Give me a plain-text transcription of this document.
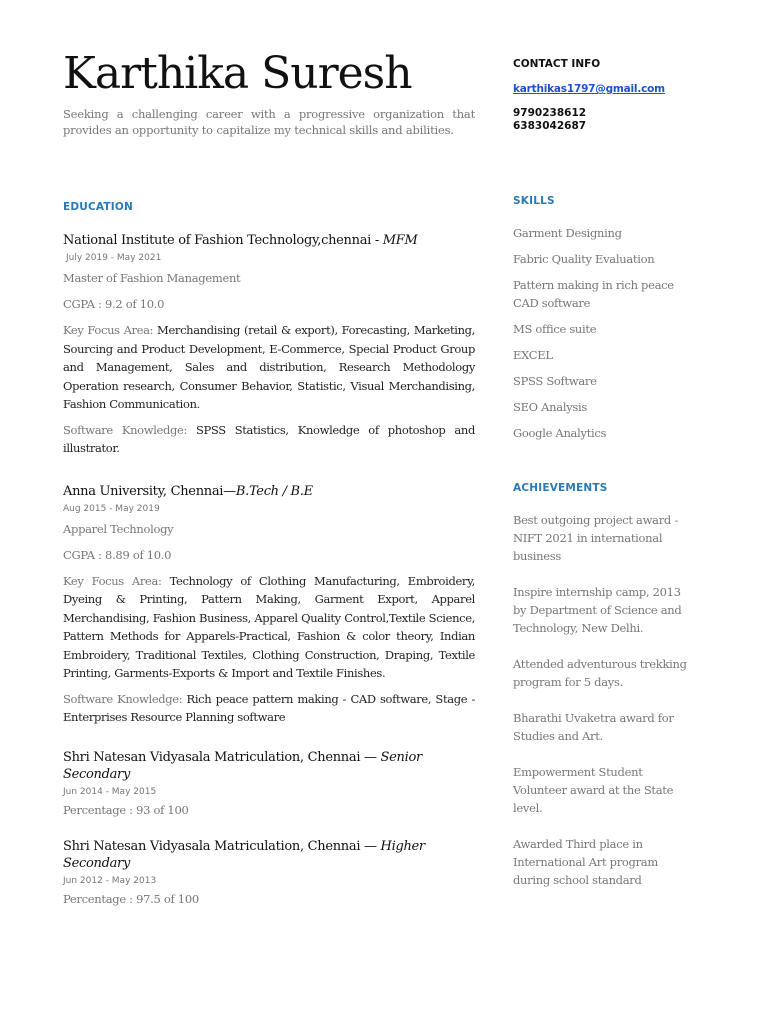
Karthika Suresh
Seeking a challenging career with a progressive organization that provides an opportunity to capitalize my technical skills and abilities.
EDUCATION
National Institute of Fashion Technology,chennai - MFM
July 2019 - May 2021
Master of Fashion Management
CGPA : 9.2 of 10.0
Key Focus Area: Merchandising (retail & export), Forecasting, Marketing, Sourcing and Product Development, E-Commerce, Special Product Group and Management, Sales and distribution, Research Methodology Operation research, Consumer Behavior, Statistic, Visual Merchandising, Fashion Communication.
Software Knowledge: SPSS Statistics, Knowledge of photoshop and illustrator.
Anna University, Chennai—B.Tech / B.E
Aug 2015 - May 2019
Apparel Technology
CGPA : 8.89 of 10.0
Key Focus Area: Technology of Clothing Manufacturing, Embroidery, Dyeing & Printing, Pattern Making, Garment Export, Apparel Merchandising, Fashion Business, Apparel Quality Control,Textile Science, Pattern Methods for Apparels-Practical, Fashion & color theory, Indian Embroidery, Traditional Textiles, Clothing Construction, Draping, Textile Printing, Garments-Exports & Import and Textile Finishes.
Software Knowledge: Rich peace pattern making - CAD software, Stage - Enterprises Resource Planning software
Shri Natesan Vidyasala Matriculation, Chennai — Senior Secondary
Jun 2014 - May 2015
Percentage : 93 of 100
Shri Natesan Vidyasala Matriculation, Chennai — Higher Secondary
Jun 2012 - May 2013
Percentage : 97.5 of 100
CONTACT INFO
karthikas1797@gmail.com
9790238612
6383042687
SKILLS
Garment Designing
Fabric Quality Evaluation
Pattern making in rich peace CAD software
MS office suite
EXCEL
SPSS Software
SEO Analysis
Google Analytics
ACHIEVEMENTS
Best outgoing project award - NIFT 2021 in international business
Inspire internship camp, 2013 by Department of Science and Technology, New Delhi.
Attended adventurous trekking program for 5 days.
Bharathi Uvaketra award for Studies and Art.
Empowerment Student Volunteer award at the State level.
Awarded Third place in International Art program during school standard
